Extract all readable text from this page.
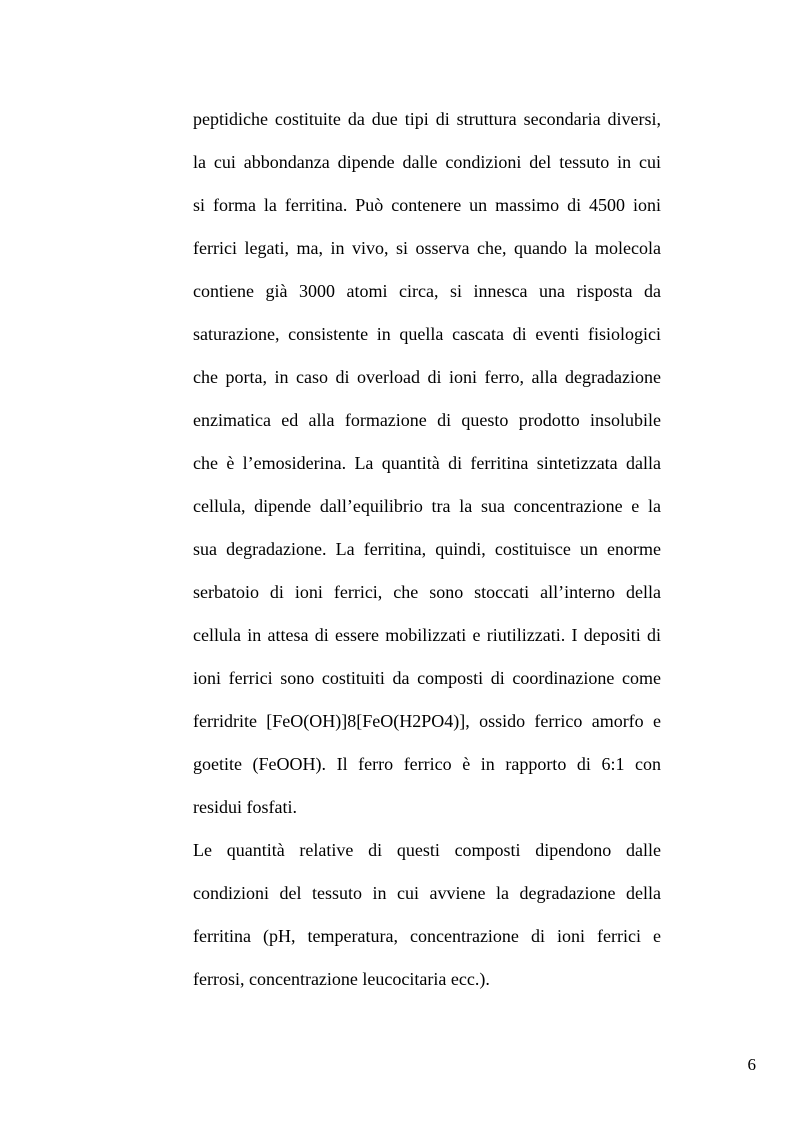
peptidiche costituite da due tipi di struttura secondaria diversi,
la cui abbondanza dipende dalle condizioni del tessuto in cui
si forma la ferritina. Può contenere un massimo di 4500 ioni
ferrici legati, ma, in vivo, si osserva che, quando la molecola
contiene già 3000 atomi circa, si innesca una risposta da
saturazione, consistente in quella cascata di eventi fisiologici
che porta, in caso di overload di ioni ferro, alla degradazione
enzimatica ed alla formazione di questo prodotto insolubile
che è l’emosiderina. La quantità di ferritina sintetizzata dalla
cellula, dipende dall’equilibrio tra la sua concentrazione e la
sua degradazione. La ferritina, quindi, costituisce un enorme
serbatoio di ioni ferrici, che sono stoccati all’interno della
cellula in attesa di essere mobilizzati e riutilizzati. I depositi di
ioni ferrici sono costituiti da composti di coordinazione come
ferridrite [FeO(OH)]8[FeO(H2PO4)], ossido ferrico amorfo e
goetite (FeOOH). Il ferro ferrico è in rapporto di 6:1 con
residui fosfati.
Le quantità relative di questi composti dipendono dalle
condizioni del tessuto in cui avviene la degradazione della
ferritina (pH, temperatura, concentrazione di ioni ferrici e
ferrosi, concentrazione leucocitaria ecc.).
6
